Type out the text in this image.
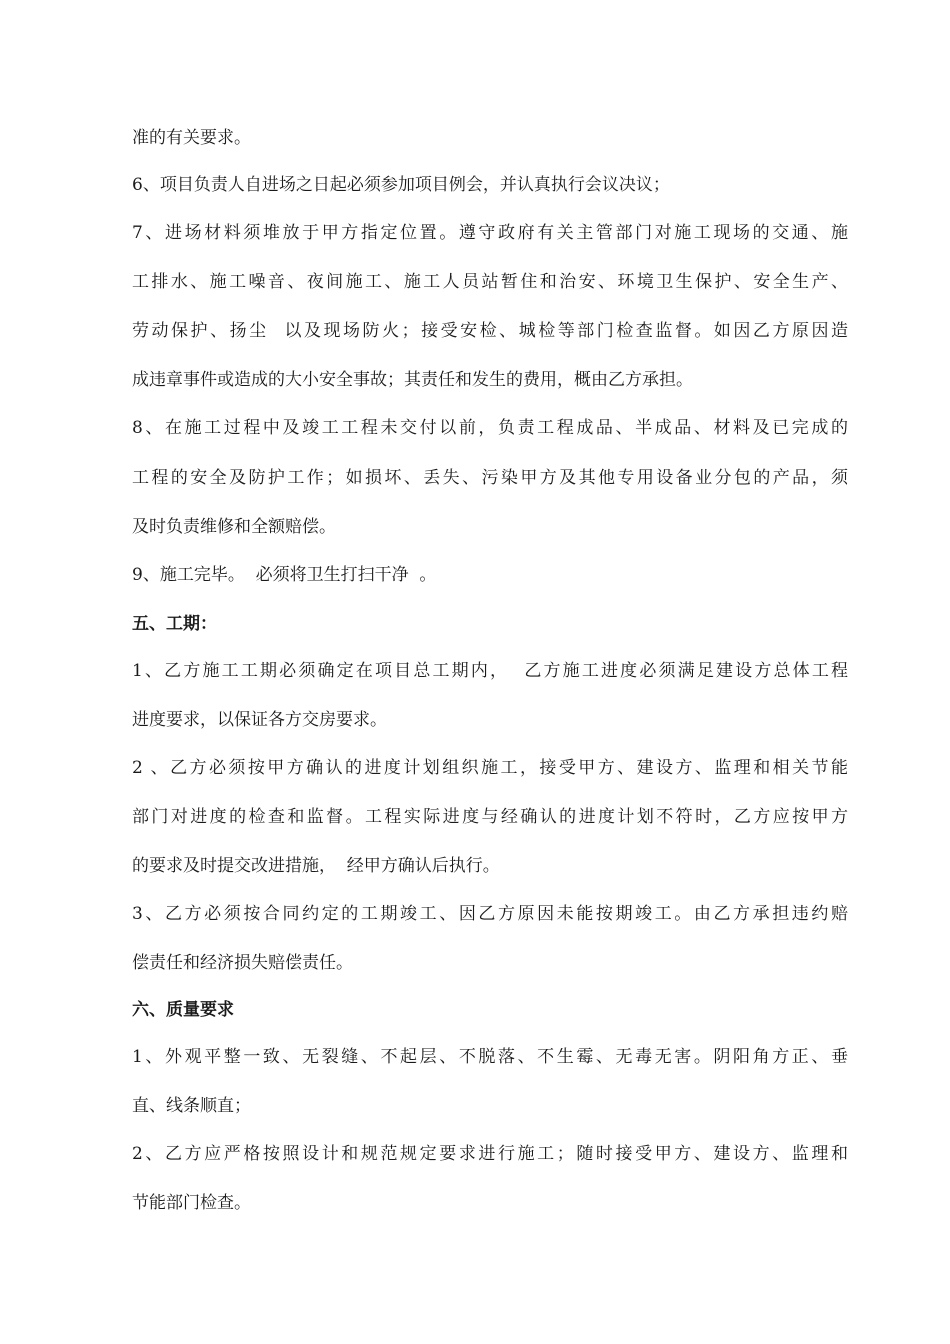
准的有关要求。
6、项目负责人自进场之日起必须参加项目例会，并认真执行会议决议；
7、进场材料须堆放于甲方指定位置。遵守政府有关主管部门对施工现场的交通、施
工排水、施工噪音、夜间施工、施工人员站暂住和治安、环境卫生保护、安全生产、
劳动保护、扬尘  以及现场防火；接受安检、城检等部门检查监督。如因乙方原因造
成违章事件或造成的大小安全事故；其责任和发生的费用，概由乙方承担。
8、在施工过程中及竣工工程未交付以前，负责工程成品、半成品、材料及已完成的
工程的安全及防护工作；如损坏、丢失、污染甲方及其他专用设备业分包的产品，须
及时负责维修和全额赔偿。
9、施工完毕。  必须将卫生打扫干净  。
五、工期：
1、乙方施工工期必须确定在项目总工期内，  乙方施工进度必须满足建设方总体工程
进度要求，以保证各方交房要求。
2 、乙方必须按甲方确认的进度计划组织施工，接受甲方、建设方、监理和相关节能
部门对进度的检查和监督。工程实际进度与经确认的进度计划不符时，乙方应按甲方
的要求及时提交改进措施，  经甲方确认后执行。
3、乙方必须按合同约定的工期竣工、因乙方原因未能按期竣工。由乙方承担违约赔
偿责任和经济损失赔偿责任。
六、质量要求
1、外观平整一致、无裂缝、不起层、不脱落、不生霉、无毒无害。阴阳角方正、垂
直、线条顺直；
2、乙方应严格按照设计和规范规定要求进行施工；随时接受甲方、建设方、监理和
节能部门检查。
